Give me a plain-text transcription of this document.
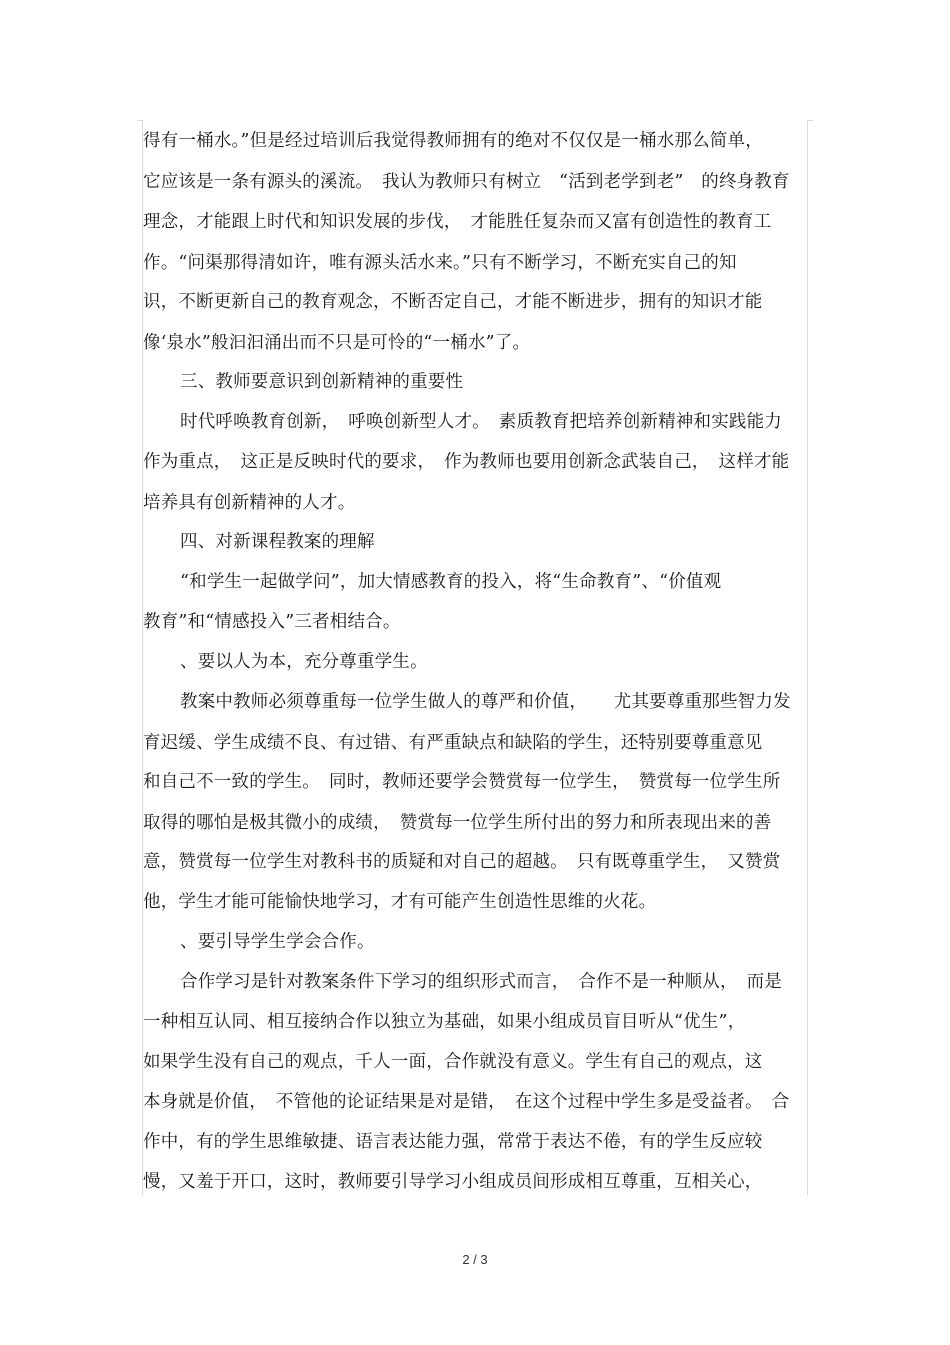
得有一桶水。”但是经过培训后我觉得教师拥有的绝对不仅仅是一桶水那么简单，
它应该是一条有源头的溪流。　我认为教师只有树立　“活到老学到老”　的终身教育
理念，才能跟上时代和知识发展的步伐，　才能胜任复杂而又富有创造性的教育工
作。“问渠那得清如许，唯有源头活水来。”只有不断学习，不断充实自己的知
识，不断更新自己的教育观念，不断否定自己，才能不断进步，拥有的知识才能
像‘泉水”般汩汩涌出而不只是可怜的“一桶水”了。
三、教师要意识到创新精神的重要性
时代呼唤教育创新，　呼唤创新型人才。　素质教育把培养创新精神和实践能力
作为重点，　这正是反映时代的要求，　作为教师也要用创新念武装自己，　这样才能
培养具有创新精神的人才。
四、对新课程教案的理解
“和学生一起做学问”，加大情感教育的投入，将“生命教育”、“价值观
教育”和“情感投入”三者相结合。
、要以人为本，充分尊重学生。
教案中教师必须尊重每一位学生做人的尊严和价值，　　尤其要尊重那些智力发
育迟缓、学生成绩不良、有过错、有严重缺点和缺陷的学生，还特别要尊重意见
和自己不一致的学生。　同时，教师还要学会赞赏每一位学生，　赞赏每一位学生所
取得的哪怕是极其微小的成绩，　赞赏每一位学生所付出的努力和所表现出来的善
意，赞赏每一位学生对教科书的质疑和对自己的超越。　只有既尊重学生，　又赞赏
他，学生才能可能愉快地学习，才有可能产生创造性思维的火花。
、要引导学生学会合作。
合作学习是针对教案条件下学习的组织形式而言，　合作不是一种顺从，　而是
一种相互认同、相互接纳合作以独立为基础，如果小组成员盲目听从“优生”，
如果学生没有自己的观点，千人一面，合作就没有意义。学生有自己的观点，这
本身就是价值，　不管他的论证结果是对是错，　在这个过程中学生多是受益者。　合
作中，有的学生思维敏捷、语言表达能力强，常常于表达不倦，有的学生反应较
慢，又羞于开口，这时，教师要引导学习小组成员间形成相互尊重，互相关心，
2 / 3
